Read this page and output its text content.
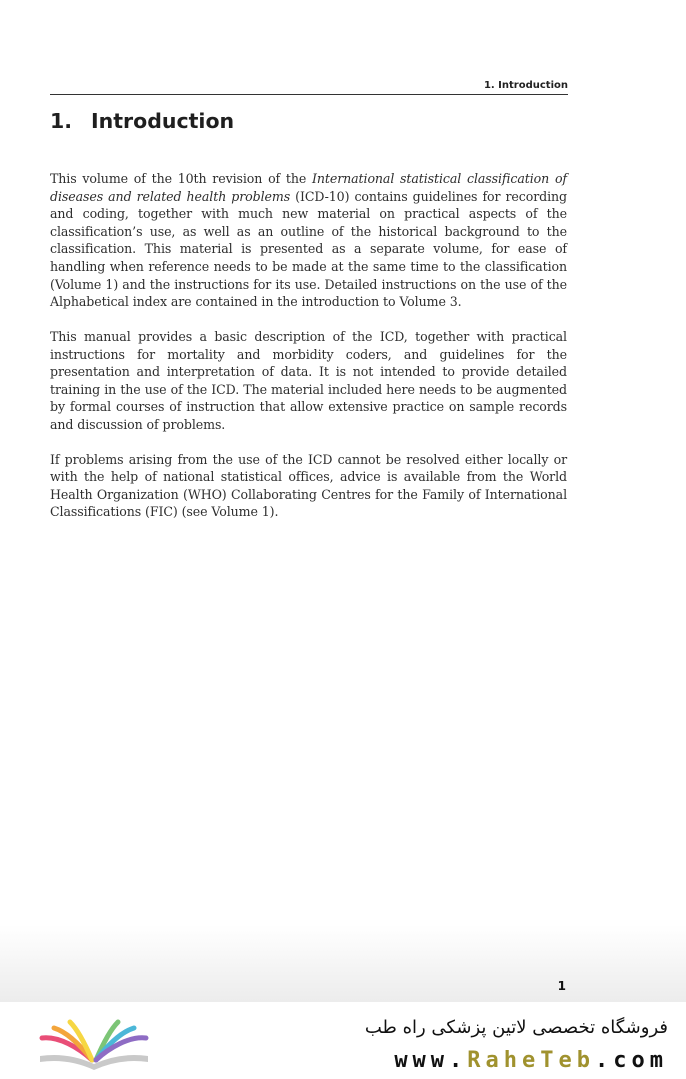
1. Introduction
1. Introduction

This volume of the 10th revision of the International statistical classification of diseases and related health problems (ICD-10) contains guidelines for recording and coding, together with much new material on practical aspects of the classification’s use, as well as an outline of the historical background to the classification. This material is presented as a separate volume, for ease of handling when reference needs to be made at the same time to the classification (Volume 1) and the instructions for its use. Detailed instructions on the use of the Alphabetical index are contained in the introduction to Volume 3.

This manual provides a basic description of the ICD, together with practical instructions for mortality and morbidity coders, and guidelines for the presentation and interpretation of data. It is not intended to provide detailed training in the use of the ICD. The material included here needs to be augmented by formal courses of instruction that allow extensive practice on sample records and discussion of problems.

If problems arising from the use of the ICD cannot be resolved either locally or with the help of national statistical offices, advice is available from the World Health Organization (WHO) Collaborating Centres for the Family of International Classifications (FIC) (see Volume 1).

1
فروشگاه تخصصی لاتین پزشکی راه طب
www.RaheTeb.com
